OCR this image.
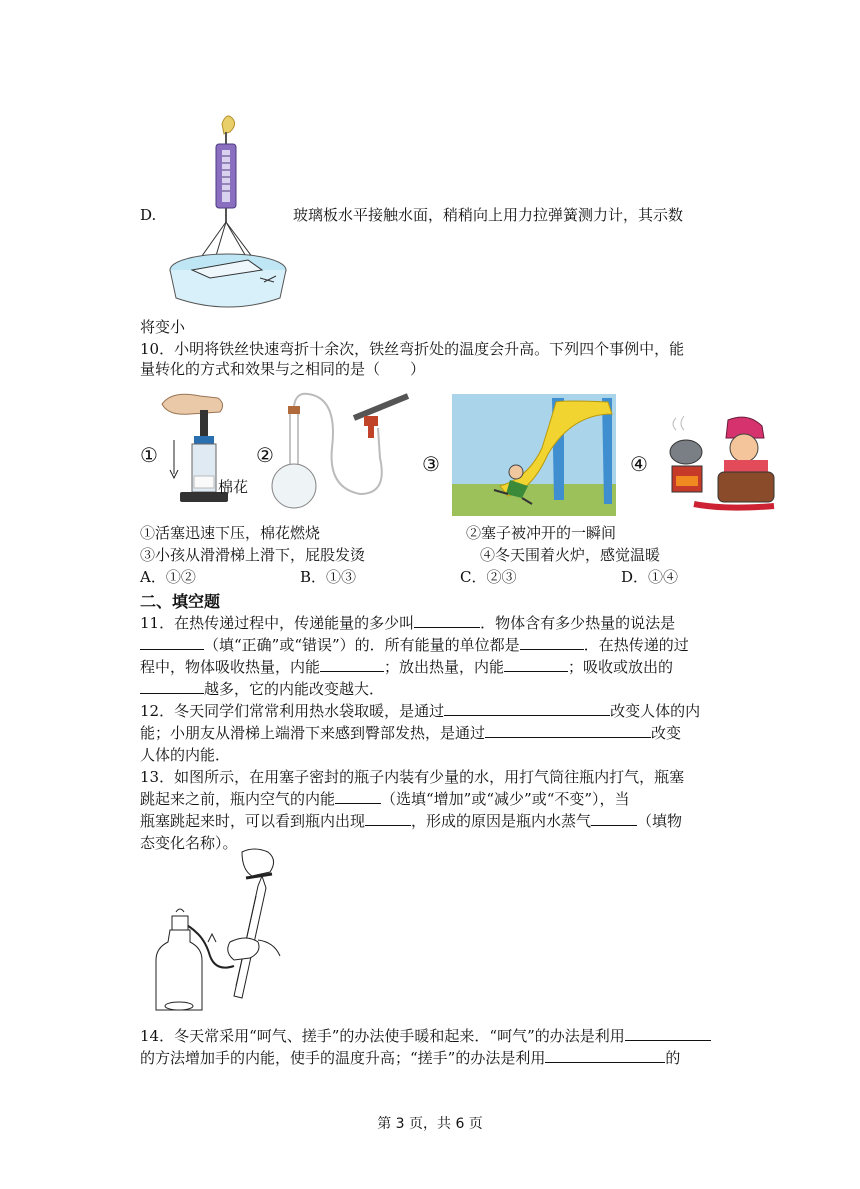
D.	玻璃板水平接触水面，稍稍向上用力拉弹簧测力计，其示数
将变小
10．小明将铁丝快速弯折十余次，铁丝弯折处的温度会升高。下列四个事例中，能
量转化的方式和效果与之相同的是（　　）
①
棉花
②	③	④
①活塞迅速下压，棉花燃烧	②塞子被冲开的一瞬间
③小孩从滑滑梯上滑下，屁股发烫	④冬天围着火炉，感觉温暖
A．①②	B．①③	C．②③	D．①④
二、填空题
11．在热传递过程中，传递能量的多少叫	．物体含有多少热量的说法是
（填“正确”或“错误”）的．所有能量的单位都是	．在热传递的过
程中，物体吸收热量，内能	；放出热量，内能	；吸收或放出的
越多，它的内能改变越大．
12．冬天同学们常常利用热水袋取暖，是通过	改变人体的内
能；小朋友从滑梯上端滑下来感到臀部发热，是通过	改变
人体的内能．
13．如图所示，在用塞子密封的瓶子内装有少量的水，用打气筒往瓶内打气，瓶塞
跳起来之前，瓶内空气的内能	（选填“增加”或“减少”或“不变”），当
瓶塞跳起来时，可以看到瓶内出现	，形成的原因是瓶内水蒸气	（填物
态变化名称）。
14．冬天常采用“呵气、搓手”的办法使手暖和起来．“呵气”的办法是利用
的方法增加手的内能，使手的温度升高；“搓手”的办法是利用	的
第 3 页，共 6 页
